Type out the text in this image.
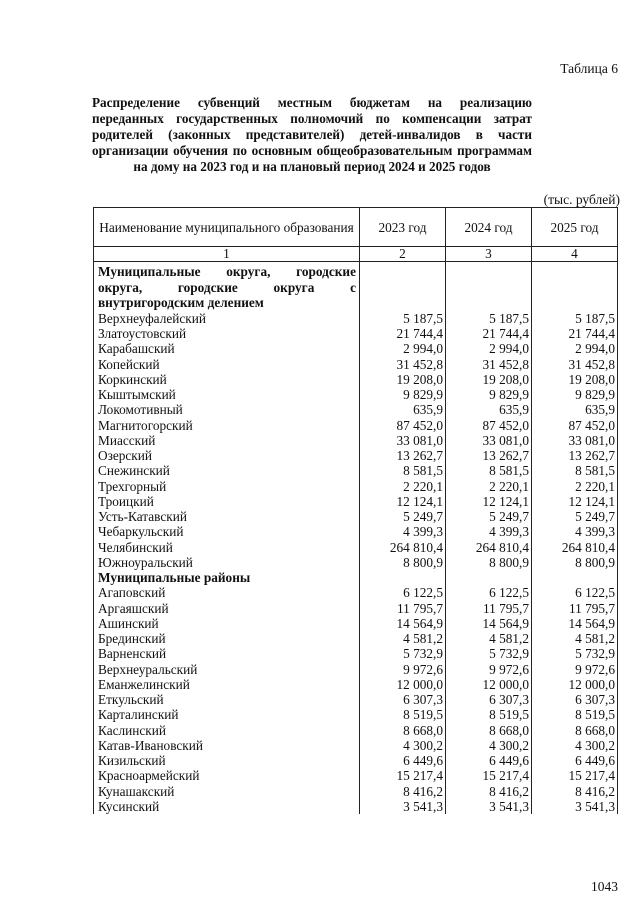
Таблица 6
Распределение субвенций местным бюджетам на реализацию переданных государственных полномочий по компенсации затрат родителей (законных представителей) детей-инвалидов в части организации обучения по основным общеобразовательным программам на дому на 2023 год и на плановый период 2024 и 2025 годов
(тыс. рублей)
Наименование муниципального образования	2023 год	2024 год	2025 год
1	2	3	4
Муниципальные округа, городские округа, городские округа с внутригородским делением			
Верхнеуфалейский	5 187,5	5 187,5	5 187,5
Златоустовский	21 744,4	21 744,4	21 744,4
Карабашский	2 994,0	2 994,0	2 994,0
Копейский	31 452,8	31 452,8	31 452,8
Коркинский	19 208,0	19 208,0	19 208,0
Кыштымский	9 829,9	9 829,9	9 829,9
Локомотивный	635,9	635,9	635,9
Магнитогорский	87 452,0	87 452,0	87 452,0
Миасский	33 081,0	33 081,0	33 081,0
Озерский	13 262,7	13 262,7	13 262,7
Снежинский	8 581,5	8 581,5	8 581,5
Трехгорный	2 220,1	2 220,1	2 220,1
Троицкий	12 124,1	12 124,1	12 124,1
Усть-Катавский	5 249,7	5 249,7	5 249,7
Чебаркульский	4 399,3	4 399,3	4 399,3
Челябинский	264 810,4	264 810,4	264 810,4
Южноуральский	8 800,9	8 800,9	8 800,9
Муниципальные районы			
Агаповский	6 122,5	6 122,5	6 122,5
Аргаяшский	11 795,7	11 795,7	11 795,7
Ашинский	14 564,9	14 564,9	14 564,9
Брединский	4 581,2	4 581,2	4 581,2
Варненский	5 732,9	5 732,9	5 732,9
Верхнеуральский	9 972,6	9 972,6	9 972,6
Еманжелинский	12 000,0	12 000,0	12 000,0
Еткульский	6 307,3	6 307,3	6 307,3
Карталинский	8 519,5	8 519,5	8 519,5
Каслинский	8 668,0	8 668,0	8 668,0
Катав-Ивановский	4 300,2	4 300,2	4 300,2
Кизильский	6 449,6	6 449,6	6 449,6
Красноармейский	15 217,4	15 217,4	15 217,4
Кунашакский	8 416,2	8 416,2	8 416,2
Кусинский	3 541,3	3 541,3	3 541,3
1043
